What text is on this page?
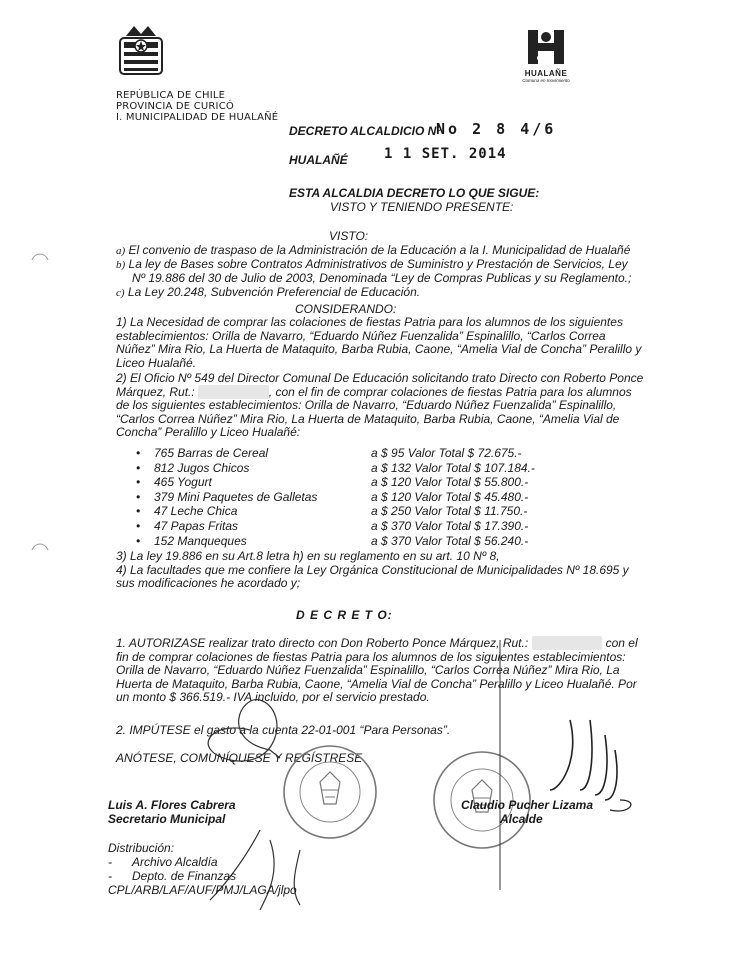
REPÚBLICA DE CHILE
PROVINCIA DE CURICÓ
I. MUNICIPALIDAD DE HUALAÑÉ
HUALAÑE
Comuna en movimiento
DECRETO ALCALDICIO Nº
No 2 8 4/6
HUALAÑÉ	1 1 SET. 2014
ESTA ALCALDIA DECRETO LO QUE SIGUE:
VISTO Y TENIENDO PRESENTE:
VISTO:
a) El convenio de traspaso de la Administración de la Educación a la I. Municipalidad de Hualañé
b) La ley de Bases sobre Contratos Administrativos de Suministro y Prestación de Servicios, Ley
Nº 19.886 del 30 de Julio de 2003, Denominada “Ley de Compras Publicas y su Reglamento.;
c) La Ley 20.248, Subvención Preferencial de Educación.
CONSIDERANDO:
1) La Necesidad de comprar las colaciones de fiestas Patria para los alumnos de los siguientes
establecimientos: Orilla de Navarro, “Eduardo Núñez Fuenzalida” Espinalillo, “Carlos Correa
Núñez” Mira Rio, La Huerta de Mataquito, Barba Rubia, Caone, “Amelia Vial de Concha” Peralillo y
Liceo Hualañé.
2) El Oficio Nº 549 del Director Comunal De Educación solicitando trato Directo con Roberto Ponce
Márquez, Rut.: 14.233.161-7, con el fin de comprar colaciones de fiestas Patria para los alumnos
de los siguientes establecimientos: Orilla de Navarro, “Eduardo Núñez Fuenzalida” Espinalillo,
“Carlos Correa Núñez” Mira Rio, La Huerta de Mataquito, Barba Rubia, Caone, “Amelia Vial de
Concha” Peralillo y Liceo Hualañé:
• 765 Barras de Cereal	a $ 95 Valor Total $ 72.675.-
• 812 Jugos Chicos	a $ 132 Valor Total $ 107.184.-
• 465 Yogurt	a $ 120 Valor Total $ 55.800.-
• 379 Mini Paquetes de Galletas	a $ 120 Valor Total $ 45.480.-
• 47 Leche Chica	a $ 250 Valor Total $ 11.750.-
• 47 Papas Fritas	a $ 370 Valor Total $ 17.390.-
• 152 Manqueques	a $ 370 Valor Total $ 56.240.-
3) La ley 19.886 en su Art.8 letra h) en su reglamento en su art. 10 Nº 8,
4) La facultades que me confiere la Ley Orgánica Constitucional de Municipalidades Nº 18.695 y
sus modificaciones he acordado y;
D E C R E T O:
1. AUTORIZASE realizar trato directo con Don Roberto Ponce Márquez, Rut.: 14.233.161-7 con el
fin de comprar colaciones de fiestas Patria para los alumnos de los siguientes establecimientos:
Orilla de Navarro, “Eduardo Núñez Fuenzalida” Espinalillo, “Carlos Correa Núñez” Mira Rio, La
Huerta de Mataquito, Barba Rubia, Caone, “Amelia Vial de Concha” Peralillo y Liceo Hualañé. Por
un monto $ 366.519.- IVA incluido, por el servicio prestado.
2. IMPÚTESE el gasto a la cuenta 22-01-001 “Para Personas”.
ANÓTESE, COMUNÍQUESE Y REGÍSTRESE
Luis A. Flores Cabrera
Secretario Municipal
Claudio Pucher Lizama
Alcalde
Distribución:
- Archivo Alcaldía
- Depto. de Finanzas
CPL/ARB/LAF/AUF/PMJ/LAGA/jlpo
